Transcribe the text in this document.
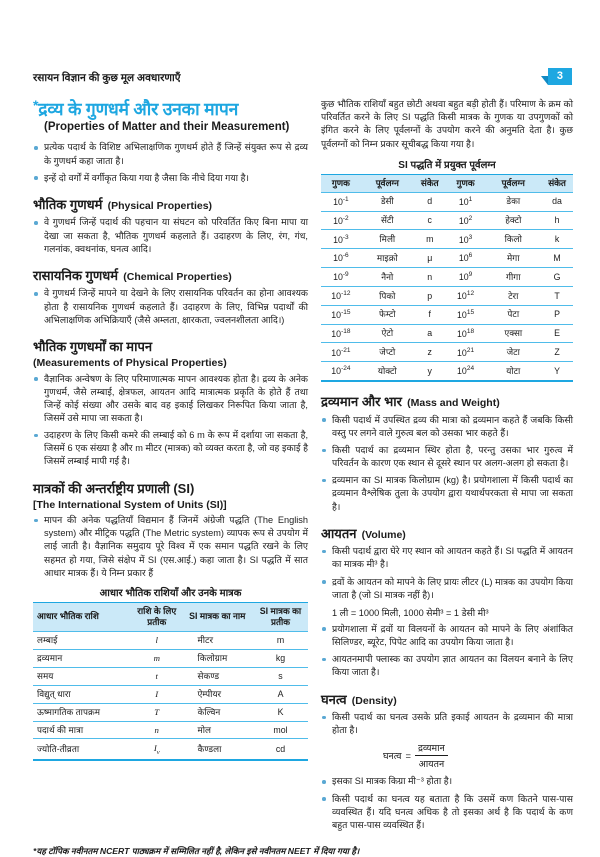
रसायन विज्ञान की कुछ मूल अवधारणाएँ	3
*द्रव्य के गुणधर्म और उनका मापन
(Properties of Matter and their Measurement)
प्रत्येक पदार्थ के विशिष्ट अभिलाक्षणिक गुणधर्म होते हैं जिन्हें संयुक्त रूप से द्रव्य के गुणधर्म कहा जाता है।
इन्हें दो वर्गों में वर्गीकृत किया गया है जैसा कि नीचे दिया गया है।
भौतिक गुणधर्म (Physical Properties)
वे गुणधर्म जिन्हें पदार्थ की पहचान या संघटन को परिवर्तित किए बिना मापा या देखा जा सकता है, भौतिक गुणधर्म कहलाते हैं। उदाहरण के लिए, रंग, गंध, गलनांक, क्वथनांक, घनत्व आदि।
रासायनिक गुणधर्म (Chemical Properties)
वे गुणधर्म जिन्हें मापने या देखने के लिए रासायनिक परिवर्तन का होना आवश्यक होता है रासायनिक गुणधर्म कहलाते हैं। उदाहरण के लिए, विभिन्न पदार्थों की अभिलाक्षणिक अभिक्रियाएँ (जैसे अम्लता, क्षारकता, ज्वलनशीलता आदि।)
भौतिक गुणधर्मों का मापन
(Measurements of Physical Properties)
वैज्ञानिक अन्वेषण के लिए परिमाणात्मक मापन आवश्यक होता है। द्रव्य के अनेक गुणधर्म, जैसे लम्बाई, क्षेत्रफल, आयतन आदि मात्रात्मक प्रकृति के होते हैं तथा जिन्हें कोई संख्या और उसके बाद वह इकाई लिखकर निरूपित किया जाता है, जिसमें उसे मापा जा सकता है।
उदाहरण के लिए किसी कमरे की लम्बाई को 6 m के रूप में दर्शाया जा सकता है, जिसमें 6 एक संख्या है और m मीटर (मात्रक) को व्यक्त करता है, जो वह इकाई है जिसमें लम्बाई मापी गई है।
मात्रकों की अन्तर्राष्ट्रीय प्रणाली (SI)
[The International System of Units (SI)]
मापन की अनेक पद्धतियाँ विद्यमान हैं जिनमें अंग्रेजी पद्धति (The English system) और मीट्रिक पद्धति (The Metric system) व्यापक रूप से उपयोग में लाई जाती है। वैज्ञानिक समुदाय पूरे विश्व में एक समान पद्धति रखने के लिए सहमत हो गया, जिसे संक्षेप में SI (एस.आई.) कहा जाता है। SI पद्धति में सात आधार मात्रक हैं। ये निम्न प्रकार हैं
आधार भौतिक राशियाँ और उनके मात्रक
आधार भौतिक राशि	राशि के लिए प्रतीक	SI मात्रक का नाम	SI मात्रक का प्रतीक
लम्बाई	l	मीटर	m
द्रव्यमान	m	किलोग्राम	kg
समय	t	सेकण्ड	s
विद्युत् धारा	I	ऐम्पीयर	A
ऊष्मागतिक तापक्रम	T	केल्विन	K
पदार्थ की मात्रा	n	मोल	mol
ज्योति-तीव्रता	$I_v$	कैण्डला	cd
कुछ भौतिक राशियाँ बहुत छोटी अथवा बहुत बड़ी होती हैं। परिमाण के क्रम को परिवर्तित करने के लिए SI पद्धति किसी मात्रक के गुणक या उपगुणकों को इंगित करने के लिए पूर्वलग्नों के उपयोग करने की अनुमति देता है। कुछ पूर्वलग्नों को निम्न प्रकार सूचीबद्ध किया गया है।
SI पद्धति में प्रयुक्त पूर्वलग्न
गुणक	पूर्वलग्न	संकेत	गुणक	पूर्वलग्न	संकेत
$10^{-1}$	डेसी	d	$10^1$	डेका	da
$10^{-2}$	सेंटी	c	$10^2$	हेक्टो	h
$10^{-3}$	मिली	m	$10^3$	किलो	k
$10^{-6}$	माइक्रो	μ	$10^6$	मेगा	M
$10^{-9}$	नैनो	n	$10^9$	गीगा	G
$10^{-12}$	पिको	p	$10^{12}$	टेरा	T
$10^{-15}$	फेम्टो	f	$10^{15}$	पेटा	P
$10^{-18}$	ऐटो	a	$10^{18}$	एक्सा	E
$10^{-21}$	जेप्टो	z	$10^{21}$	जेटा	Z
$10^{-24}$	योक्टो	y	$10^{24}$	योटा	Y
द्रव्यमान और भार (Mass and Weight)
किसी पदार्थ में उपस्थित द्रव्य की मात्रा को द्रव्यमान कहते हैं जबकि किसी वस्तु पर लगने वाले गुरुत्व बल को उसका भार कहते हैं।
किसी पदार्थ का द्रव्यमान स्थिर होता है, परन्तु उसका भार गुरुत्व में परिवर्तन के कारण एक स्थान से दूसरे स्थान पर अलग-अलग हो सकता है।
द्रव्यमान का SI मात्रक किलोग्राम (kg) है। प्रयोगशाला में किसी पदार्थ का द्रव्यमान वैश्लेषिक तुला के उपयोग द्वारा यथार्थपरकता से मापा जा सकता है।
आयतन (Volume)
किसी पदार्थ द्वारा घेरे गए स्थान को आयतन कहते हैं। SI पद्धति में आयतन का मात्रक मी³ है।
द्रवों के आयतन को मापने के लिए प्रायः लीटर (L) मात्रक का उपयोग किया जाता है (जो SI मात्रक नहीं है)।
1 ली = 1000 मिली, 1000 सेमी³ = 1 डेसी मी³
प्रयोगशाला में द्रवों या विलयनों के आयतन को मापने के लिए अंशांकित सिलिण्डर, ब्यूरेट, पिपेट आदि का उपयोग किया जाता है।
आयतनमापी फ्लास्क का उपयोग ज्ञात आयतन का विलयन बनाने के लिए किया जाता है।
घनत्व (Density)
किसी पदार्थ का घनत्व उसके प्रति इकाई आयतन के द्रव्यमान की मात्रा होता है।
घनत्व = $\frac{\text{द्रव्यमान}}{\text{आयतन}}$
इसका SI मात्रक किग्रा मी⁻³ होता है।
किसी पदार्थ का घनत्व यह बताता है कि उसमें कण कितने पास-पास व्यवस्थित हैं। यदि घनत्व अधिक है तो इसका अर्थ है कि पदार्थ के कण बहुत पास-पास व्यवस्थित हैं।
*यह टॉपिक नवीनतम NCERT पाठ्यक्रम में सम्मिलित नहीं है, लेकिन इसे नवीनतम NEET में दिया गया है।
